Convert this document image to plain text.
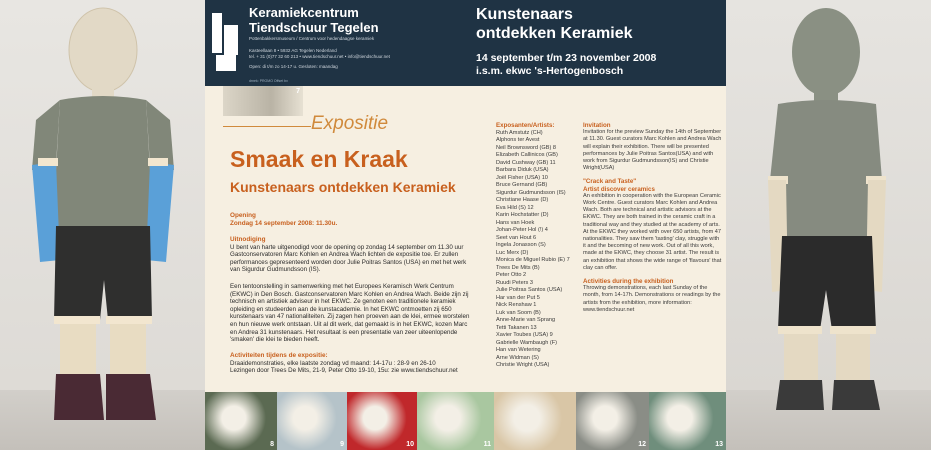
Keramiekcentrum
Tiendschuur Tegelen
Pottenbakkersmuseum / Centrum voor hedendaagse keramiek
Kasteellaan 8 • 5932 AG Tegelen Nederland
tel. + 31 (0)77 32 60 213 • www.tiendschuur.net • info@tiendschuur.net
Open: di t/m zo 14-17 u. Gesloten: maandag
drnek: PROMO Offset bv
Kunstenaars
ontdekken Keramiek
14 september t/m 23 november 2008
i.s.m. ekwc 's-Hertogenbosch
7
Expositie
Smaak en Kraak
Kunstenaars ontdekken Keramiek
Opening
Zondag 14 september 2008: 11.30u.
Uitnodiging
U bent van harte uitgenodigd voor de opening op zondag 14 september om 11.30 uur Gastconservatoren Marc Kohlen en Andrea Wach lichten de expositie toe. Er zullen performances gepresenteerd worden door Julie Poitras Santos (USA) en met het werk van Sigurdur Gudmundsson (IS).
Een tentoonstelling in samenwerking met het Europees Keramisch Werk Centrum (EKWC) in Den Bosch. Gastconservatoren Marc Kohlen en Andrea Wach. Beide zijn zij technisch en artistiek adviseur in het EKWC. Ze genoten een traditionele keramiek opleiding en studeerden aan de kunstacademie. In het EKWC ontmoetten zij 650 kunstenaars van 47 nationaliteiten. Zij zagen hen proeven aan de klei, ermee worstelen en hun nieuwe werk ontstaan. Uit al dit werk, dat gemaakt is in het EKWC, kozen Marc en Andrea 31 kunstenaars. Het resultaat is een presentatie van zeer uiteenlopende 'smaken' die klei te bieden heeft.
Activiteiten tijdens de expositie:
Draaidemonstraties, elke laatste zondag vd maand: 14-17u : 28-9 en 26-10
Lezingen door Trees De Mits, 21-9, Peter Otto 19-10, 15u: zie www.tiendschuur.net
Exposanten/Artists:
Ruth Amstutz (CH)
Alphons ter Avest
Neil Brownsword (GB) 8
Elizabeth Callinicos (GB)
David Cushway (GB) 11
Barbara Diduk (USA)
Joël Fisher (USA) 10
Bruce Gernand (GB)
Sigurdur Gudmundsson (IS)
Christiane Haase (D)
Eva Hild (S) 12
Karin Hochstatter (D)
Hans van Hoek
Johan-Peter Hol (!) 4
Seet van Hout 6
Ingela Jonasson (S)
Luc Merx (D)
Monica de Miguel Rubio (E) 7
Trees De Mits (B)
Peter Otto 2
Ruudi Peters 3
Julie Poitras Santos (USA)
Har van der Put 5
Nick Renshaw 1
Luk van Soom (B)
Anne-Marie van Sprang
Tetti Takanen 13
Xavier Toubes (USA) 9
Gabrielle Wambaugh (F)
Han van Wetering
Arne Widman (S)
Christie Wright (USA)
Invitation
Invitation for the preview Sunday the 14th of September at 11.30. Guest curators Marc Kohlen and Andrea Wach will explain their exhibition. There will be presented performances by Julie Poitras Santos(USA) and with work from Sigurdur Gudmundsson(IS) and Christie Wright(USA)
"Crack and Taste"
Artist discover ceramics
An exhibition in cooperation with the European Ceramic Work Centre. Guest curators Marc Kohlen and Andrea Wach. Both are technical and artistic advisors at the EKWC. They are both trained in the ceramic craft in a traditional way and they studied at the academy of arts. At the EKWC they worked with over 650 artists, from 47 nationalities. They saw them 'tasting' clay, struggle with it and the becoming of new work. Out of all this work, made at the EKWC, they choose 31 artist. The result is an exhibition that shows the wide range of 'flavours' that clay can offer.
Activities during the exhibition
Throwing demonstrations, each last Sunday of the month, from 14-17h. Demonstrations or readings by the artists from the exhibition, more information: www.tiendschuur.net
8	9	10	11	12	13
